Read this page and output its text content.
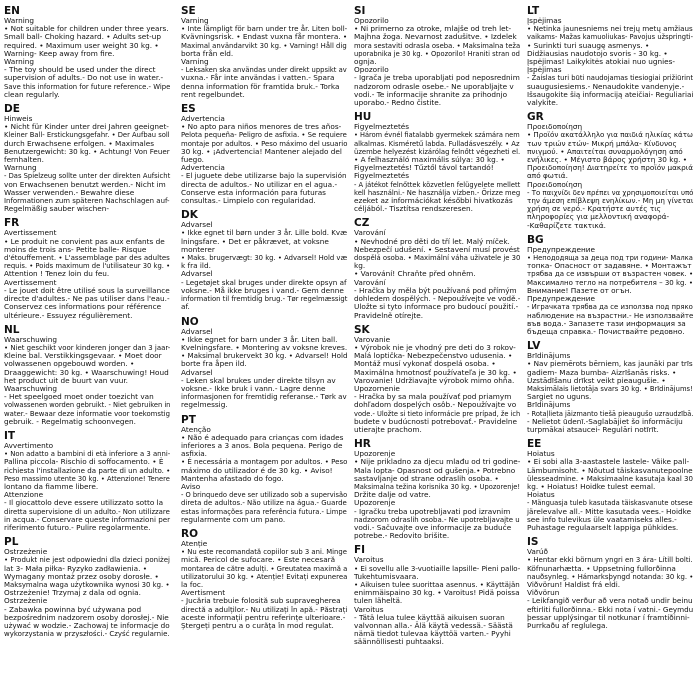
EN
Warning
• Not suitable for children under three years.
Small ball- Choking hazard. • Adults set-up
required. • Maximum user weight 30 kg. •
Warning- Keep away from fire.
Warning
- The toy should be used under the direct
supervision of adults.- Do not use in water.-
Save this information for future reference.- Wipe
clean regularly.
DE
Hinweis
• Nicht für Kinder unter drei Jahren geeignet-
Kleiner Ball- Erstickungsgefahr. • Der Aufbau soll
durch Erwachsene erfolgen. • Maximales
Benutzergewicht: 30 kg. • Achtung! Von Feuer
fernhalten.
Warnung
- Das Spielzeug sollte unter der direkten Aufsicht
von Erwachsenen benutzt werden.- Nicht im
Wasser verwenden.- Bewahre diese
Informationen zum späteren Nachschlagen auf-
Regelmäßig sauber wischen-
FR
Avertissement
• Le produit ne convient pas aux enfants de
moins de trois ans- Petite balle- Risque
d'étouffement. • L'assemblage par des adultes
requis. • Poids maximum de l'utilisateur 30 kg. •
Attention ! Tenez loin du feu.
Avertissement
- Le jouet doit être utilisé sous la surveillance
directe d'adultes.- Ne pas utiliser dans l'eau.-
Conservez ces informations pour référence
ultérieure.- Essuyez régulièrement.
NL
Waarschuwing
• Niet geschikt voor kinderen jonger dan 3 jaar-
Kleine bal. Verstikkingsgevaar. • Moet door
volwassenen opgebouwd worden. •
Draaggewicht: 30 kg. • Waarschuwing! Houd
het product uit de buurt van vuur.
Waarschuwing
- Het speelgoed moet onder toezicht van
volwassenen worden gebruikt. - Niet gebruiken in
water.- Bewaar deze informatie voor toekomstig
gebruik. - Regelmatig schoonvegen.
IT
Avvertimento
• Non adatto a bambini di età inferiore a 3 anni-
Pallina piccola- Rischio di soffocamento. • È
richiesta l'installazione da parte di un adulto. •
Peso massimo utente 30 kg. • Attenzione! Tenere
lontano da fiamme libere.
Attenzione
- Il giocattolo deve essere utilizzato sotto la
diretta supervisione di un adulto.- Non utilizzare
in acqua.- Conservare queste informazioni per
riferimento futuro.- Pulire regolarmente.
PL
Ostrzeżenie
• Produkt nie jest odpowiedni dla dzieci poniżej
lat 3- Mała piłka- Ryzyko zadławienia. •
Wymagany montaż przez osoby dorosłe. •
Maksymalna waga użytkownika wynosi 30 kg. •
Ostrzeżenie! Trzymaj z dala od ognia.
Ostrzeżenie
- Zabawka powinna być używana pod
bezpośrednim nadzorem osoby dorosłej.- Nie
używać w wodzie.- Zachowaj te informacje do
wykorzystania w przyszłości.- Czyść regularnie.
SE
Varning
• Inte lämpligt för barn under tre år. Liten boll-
Kvävningsrisk. • Endast vuxna får montera. •
Maximal användarvikt 30 kg. • Varning! Håll dig
borta från eld.
Varning
- Leksaken ska användas under direkt uppsikt av
vuxna.- Får inte användas i vatten.- Spara
denna information för framtida bruk.- Torka
rent regelbundet.
ES
Advertencia
• No apto para niños menores de tres años-
Pelota pequeña- Peligro de asfixia. • Se requiere
montaje por adultos. • Peso máximo del usuario
30 kg. • ¡Advertencia! Mantener alejado del
fuego.
Advertencia
- El juguete debe utilizarse bajo la supervisión
directa de adultos.- No utilizar en el agua.-
Conserve esta información para futuras
consultas.- Limpielo con regularidad.
DK
Advarsel
• Ikke egnet til børn under 3 år. Lille bold. Kvæ
lningsfare. • Det er påkrævet, at voksne
monterer
• Maks. brugervægt: 30 kg. • Advarsel! Hold væ
k fra ild.
Advarsel
- Legetøjet skal bruges under direkte opsyn af
voksne.- Må ikke bruges i vand.- Gem denne
information til fremtidig brug.- Tør regelmæssigt
af.
NO
Advarsel
• Ikke egnet for barn under 3 år. Liten ball.
Kvelningsfare. • Montering av voksne kreves.
• Maksimal brukervekt 30 kg. • Advarsel! Hold
borte fra åpen ild.
Advarsel
- Leken skal brukes under direkte tilsyn av
voksne.- Ikke bruk i vann.- Lagre denne
informasjonen for fremtidig referanse.- Tørk av
regelmessig.
PT
Atenção
• Não é adequado para crianças com idades
inferiores a 3 anos. Bola pequena. Perigo de
asfixia.
• É necessária a montagem por adultos. • Peso
máximo do utilizador é de 30 kg. • Aviso!
Mantenha afastado do fogo.
Aviso
- O brinquedo deve ser utilizado sob a supervisão
direta de adultos.- Não utilize na água.- Guarde
estas informações para referência futura.- Limpe
regularmente com um pano.
RO
Atenție
• Nu este recomandată copiilor sub 3 ani. Minge
mică. Pericol de sufocare. • Este necesară
montarea de către adulți. • Greutatea maximă a
utilizatorului 30 kg. • Atenție! Evitați expunerea
la foc.
Avertisment
- Jucăria trebuie folosită sub supravegherea
directă a adulților.- Nu utilizați în apă.- Păstrați
aceste informații pentru referințe ulterioare.-
Ștergeți pentru a o curăța în mod regulat.
SI
Opozorilo
• Ni primerno za otroke, mlajše od treh let-
Majhna žoga. Nevarnost zadušitve. • Izdelek
mora sestaviti odrasla oseba. • Maksimalna teža
uporabnika je 30 kg. • Opozorilo! Hraniti stran od
ognja.
Opozorilo
- Igrača je treba uporabljati pod neposrednim
nadzorom odrasle osebe.- Ne uporabljajte v
vodi.- Te informacije shranite za prihodnjo
uporabo.- Redno čistite.
HU
Figyelmeztetés
• Három évnél fiatalabb gyermekek számára nem
alkalmas. Kisméretű labda. Fulladásveszély. • Az
üzembe helyezést kizárólag felnőtt végezheti el.
• A felhasználó maximális súlya: 30 kg. •
Figyelmeztetés! Tűztől távol tartandó!
Figyelmeztetés
- A játékot felnőttek közvetlen felügyelete mellett
kell használni.- Ne használja vízben.- Őrizze meg
ezeket az információkat későbbi hivatkozás
céljából.- Tisztítsa rendszeresen.
CZ
Varování
• Nevhodné pro děti do tří let. Malý míček.
Nebezpečí udušení. • Sestavení musí provést
dospělá osoba. • Maximální váha uživatele je 30
kg.
• Varování! Chraňte před ohněm.
Varování
- Hračka by měla být používaná pod přímým
dohledem dospělých. - Nepoužívejte ve vodě.-
Uložte si tyto informace pro budoucí použití.-
Pravidelně otírejte.
SK
Varovanie
• Výrobok nie je vhodný pre deti do 3 rokov-
Malá loptička- Nebezpečenstvo udusenia. •
Montáž musí vykonať dospelá osoba. •
Maximálna hmotnosť používateľa je 30 kg. •
Varovanie! Udržiavajte výrobok mimo ohňa.
Upozornenie
- Hračka by sa mala používať pod priamym
dohľadom dospelých osôb.- Nepoužívajte vo
vode.- Uložte si tieto informácie pre prípad, že ich
budete v budúcnosti potrebovať.- Pravidelne
utierajte prachom.
HR
Upozorenje
• Nije prikladno za djecu mlađu od tri godine-
Mala lopta- Opasnost od gušenja.• Potrebno
sastavljanje od strane odraslih osoba. •
Maksimalna težina korisnika 30 kg. • Upozorenje!
Držite dalje od vatre.
Upozorenje
- Igračku treba upotrebljavati pod izravnim
nadzorom odraslih osoba.- Ne upotrebljavajte u
vodi.- Sačuvajte ove informacije za buduće
potrebe.- Redovito brišite.
FI
Varoitus
• Ei sovellu alle 3-vuotiaille lapsille- Pieni pallo-
Tukehtumisvaara.
• Aikuisen tulee suorittaa asennus. • Käyttäjän
enimmäispaino 30 kg. • Varoitus! Pidä poissa
tulen läheltä.
Varoitus
- Tätä lelua tulee käyttää aikuisen suoran
valvonnan alla.- Älä käytä vedessä.- Säästä
nämä tiedot tulevaa käyttöä varten.- Pyyhi
säännöllisesti puhtaaksi.
LT
Įspėjimas
• Netinka jaunesniems nei trejų metų amžiaus
vaikams- Mažas kamuoliukas- Pavojus užspringti-
• Surinkti turi suaugę asmenys. •
Didžiausias naudotojo svoris - 30 kg. •
Įspėjimas! Laikykitės atokiai nuo ugnies-
Įspėjimas
- Žaislas turi būti naudojamas tiesiogiai prižiūrint
suaugusiesiems.- Nenaudokite vandenyje.-
Išsaugokite šią informaciją ateičiai- Reguliariai
valykite.
GR
Προειδοποίηση
• Προϊόν ακατάλληλο για παιδιά ηλικίας κάτω
των τριών ετών- Μικρή μπάλα- Κίνδυνος
πνιγμού. • Απαιτείται συναρμολόγηση από
ενήλικες. • Μέγιστο βάρος χρήστη 30 kg. •
Προειδοποίηση! Διατηρείτε το προϊόν μακριά
από φωτιά.
Προειδοποίηση
- Το παιχνίδι δεν πρέπει να χρησιμοποιείται υπό
την άμεση επίβλεψη ενηλίκων.- Μη μη γίνεται
χρήση σε νερό.- Κρατήστε αυτές τις
πληροφορίες για μελλοντική αναφορά-
-Καθαρίζετε τακτικά.
BG
Предупреждение
• Непододяща за деца под три години- Малка
топка- Опасност от задавяне. • Монтажът
трябва да се извърши от възрастен човек. •
Максимално тегло на потребителя – 30 kg. •
Внимание! Пазете от огън.
Предупреждение
- Играчката трябва да се използва под пряко
наблюдение на възрастни.- Не използвайте
във вода.- Запазете тази информация за
бъдеща справка.- Почиствайте редовно.
LV
Brīdinājums
• Nav piemērots bērniem, kas jaunāki par trīs
gadiem- Maza bumba- Aizrīšanās risks. •
Uzstādīšanu drīkst veikt pieaugušie. •
Maksimālais lietotāja svars 30 kg. • Brīdinājums!
Sargiet no uguns.
Brīdinājums
- Rotaļlieta jāizmanto tiešā pieaugušo uzraudzībā.
- Nelietot ūdenī.-Saglabājiet šo informāciju
turpmākai atsaucei- Regulāri notīrīt.
EE
Hoiatus
• Ei sobi alla 3-aastastele lastele- Väike pall-
Lämbumisoht. • Nõutud täiskasvanutepoolne
ülesseadmine. • Maksimaalne kasutaja kaal 30
kg. • Hoiatus! Hoidke tulest eemal.
Hoiatus
- Mänguasja tuleb kasutada täiskasvanute otsese
järelevalve all.- Mitte kasutada vees.- Hoidke
see info tulevikus üle vaatamiseks alles.-
Puhastage regulaarselt lappiga pühkides.
IS
Varúð
• Hentar ekki börnum yngri en 3 ára- Lítill bolti.
Köfnunarhætta. • Uppsetning fullorðinna
nauðsynleg. • Hámarksþyngd notanda: 30 kg. •
Viðvörun! Haldist frá eldi.
Viðvörun
- Leikfangið verður að vera notað undir beinu
eftirliti fullorðinna.- Ekki nota í vatni.- Geymdu
þessar upplýsingar til notkunar í framtíðinni-
Þurrkaðu af reglulega.
